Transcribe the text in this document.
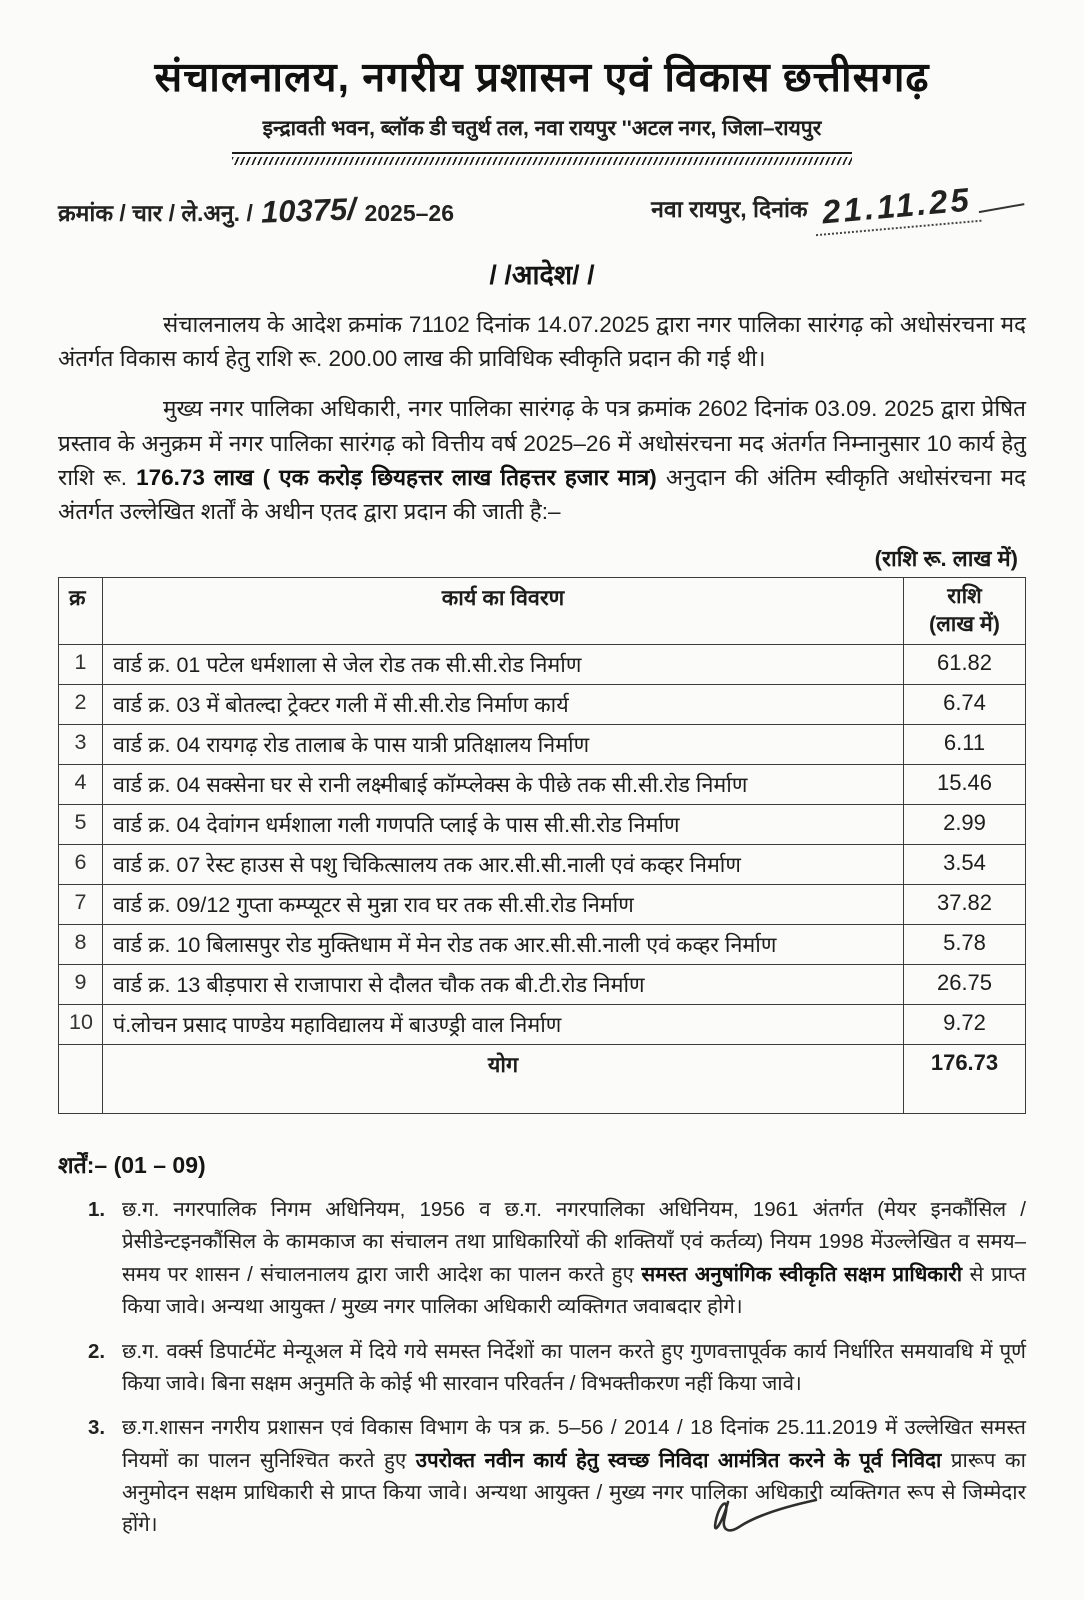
संचालनालय, नगरीय प्रशासन एवं विकास छत्तीसगढ़
इन्द्रावती भवन, ब्लॉक डी चतुर्थ तल, नवा रायपुर ''अटल नगर, जिला–रायपुर
क्रमांक / चार / ले.अनु. / 10375/ 2025–26	नवा रायपुर, दिनांक 21.11.25
/ /आदेश/ /
संचालनालय के आदेश क्रमांक 71102 दिनांक 14.07.2025 द्वारा नगर पालिका सारंगढ़ को अधोसंरचना मद अंतर्गत विकास कार्य हेतु राशि रू. 200.00 लाख की प्राविधिक स्वीकृति प्रदान की गई थी।
मुख्य नगर पालिका अधिकारी, नगर पालिका सारंगढ़ के पत्र क्रमांक 2602 दिनांक 03.09. 2025 द्वारा प्रेषित प्रस्ताव के अनुक्रम में नगर पालिका सारंगढ़ को वित्तीय वर्ष 2025–26 में अधोसंरचना मद अंतर्गत निम्नानुसार 10 कार्य हेतु राशि रू. 176.73 लाख ( एक करोड़ छियहत्तर लाख तिहत्तर हजार मात्र) अनुदान की अंतिम स्वीकृति अधोसंरचना मद अंतर्गत उल्लेखित शर्तों के अधीन एतद द्वारा प्रदान की जाती है:–
(राशि रू. लाख में)
क्र	कार्य का विवरण	राशि
(लाख में)

1	वार्ड क्र. 01 पटेल धर्मशाला से जेल रोड तक सी.सी.रोड निर्माण	61.82
2	वार्ड क्र. 03 में बोतल्दा ट्रेक्टर गली में सी.सी.रोड निर्माण कार्य	6.74
3	वार्ड क्र. 04 रायगढ़ रोड तालाब के पास यात्री प्रतिक्षालय निर्माण	6.11
4	वार्ड क्र. 04 सक्सेना घर से रानी लक्ष्मीबाई कॉम्प्लेक्स के पीछे तक सी.सी.रोड निर्माण	15.46
5	वार्ड क्र. 04 देवांगन धर्मशाला गली गणपति प्लाई के पास सी.सी.रोड निर्माण	2.99
6	वार्ड क्र. 07 रेस्ट हाउस से पशु चिकित्सालय तक आर.सी.सी.नाली एवं कव्हर निर्माण	3.54
7	वार्ड क्र. 09/12 गुप्ता कम्प्यूटर से मुन्ना राव घर तक सी.सी.रोड निर्माण	37.82
8	वार्ड क्र. 10 बिलासपुर रोड मुक्तिधाम में मेन रोड तक आर.सी.सी.नाली एवं कव्हर निर्माण	5.78
9	वार्ड क्र. 13 बीड़पारा से राजापारा से दौलत चौक तक बी.टी.रोड निर्माण	26.75
10	पं.लोचन प्रसाद पाण्डेय महाविद्यालय में बाउण्ड्री वाल निर्माण	9.72
	योग	176.73
शर्तें:– (01 – 09)
1. छ.ग. नगरपालिक निगम अधिनियम, 1956 व छ.ग. नगरपालिका अधिनियम, 1961 अंतर्गत (मेयर इनकौंसिल / प्रेसीडेन्टइनकौंसिल के कामकाज का संचालन तथा प्राधिकारियों की शक्तियाँ एवं कर्तव्य) नियम 1998 मेंउल्लेखित व समय–समय पर शासन / संचालनालय द्वारा जारी आदेश का पालन करते हुए समस्त अनुषांगिक स्वीकृति सक्षम प्राधिकारी से प्राप्त किया जावे। अन्यथा आयुक्त / मुख्य नगर पालिका अधिकारी व्यक्तिगत जवाबदार होगे।
2. छ.ग. वर्क्स डिपार्टमेंट मेन्यूअल में दिये गये समस्त निर्देशों का पालन करते हुए गुणवत्तापूर्वक कार्य निर्धारित समयावधि में पूर्ण किया जावे। बिना सक्षम अनुमति के कोई भी सारवान परिवर्तन / विभक्तीकरण नहीं किया जावे।
3. छ.ग.शासन नगरीय प्रशासन एवं विकास विभाग के पत्र क्र. 5–56 / 2014 / 18 दिनांक 25.11.2019 में उल्लेखित समस्त नियमों का पालन सुनिश्चित करते हुए उपरोक्त नवीन कार्य हेतु स्वच्छ निविदा आमंत्रित करने के पूर्व निविदा प्रारूप का अनुमोदन सक्षम प्राधिकारी से प्राप्त किया जावे। अन्यथा आयुक्त / मुख्य नगर पालिका अधिकारी व्यक्तिगत रूप से जिम्मेदार होंगे।
